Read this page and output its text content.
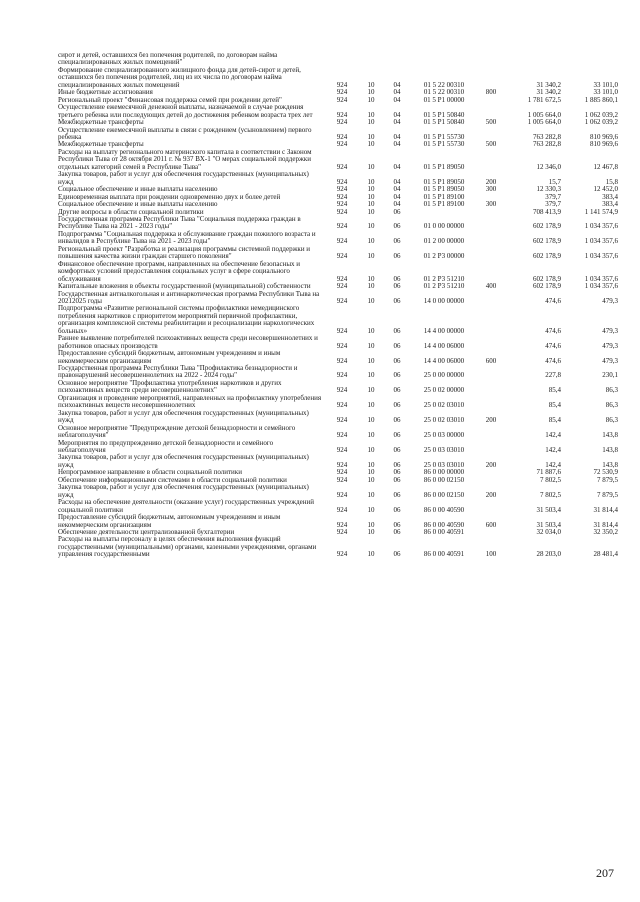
сирот и детей, оставшихся без попечения родителей, по договорам найма специализированных жилых помещений"							
Формирование специализированного жилищного фонда для детей-сирот и детей, оставшихся без попечения родителей, лиц из их числа по договорам найма специализированных жилых помещений	924	10	04	01 5 22 00310		31 340,2	33 101,0
Иные бюджетные ассигнования	924	10	04	01 5 22 00310	800	31 340,2	33 101,0
Региональный проект "Финансовая поддержка семей при рождении детей"	924	10	04	01 5 Р1 00000		1 781 672,5	1 885 860,1
Осуществление ежемесячной денежной выплаты, назначаемой в случае рождения третьего ребенка или последующих детей до достижения ребенком возраста трех лет	924	10	04	01 5 Р1 50840		1 005 664,0	1 062 039,2
Межбюджетные трансферты	924	10	04	01 5 Р1 50840	500	1 005 664,0	1 062 039,2
Осуществление ежемесячной выплаты в связи с рождением (усыновлением) первого ребенка	924	10	04	01 5 Р1 55730		763 282,8	810 969,6
Межбюджетные трансферты	924	10	04	01 5 Р1 55730	500	763 282,8	810 969,6
Расходы на выплату регионального материнского капитала в соответствии с Законом Республики Тыва от 28 октября 2011 г. № 937 ВХ-1 "О мерах социальной поддержки отдельных категорий семей в Республике Тыва"	924	10	04	01 5 Р1 89050		12 346,0	12 467,8
Закупка товаров, работ и услуг для обеспечения государственных (муниципальных) нужд	924	10	04	01 5 Р1 89050	200	15,7	15,8
Социальное обеспечение и иные выплаты населению	924	10	04	01 5 Р1 89050	300	12 330,3	12 452,0
Единовременная выплата при рождении одновременно двух и более детей	924	10	04	01 5 Р1 89100		379,7	383,4
Социальное обеспечение и иные выплаты населению	924	10	04	01 5 Р1 89100	300	379,7	383,4
Другие вопросы в области социальной политики	924	10	06			708 413,9	1 141 574,9
Государственная программа Республики Тыва "Социальная поддержка граждан в Республике Тыва на 2021 - 2023 годы"	924	10	06	01 0 00 00000		602 178,9	1 034 357,6
Подпрограмма "Социальная поддержка и обслуживание граждан пожилого возраста и инвалидов в Республике Тыва на 2021 - 2023 годы"	924	10	06	01 2 00 00000		602 178,9	1 034 357,6
Региональный проект "Разработка и реализация программы системной поддержки и повышения качества жизни граждан старшего поколения"	924	10	06	01 2 Р3 00000		602 178,9	1 034 357,6
Финансовое обеспечение программ, направленных на обеспечение безопасных и комфортных условий предоставления социальных услуг в сфере социального обслуживания	924	10	06	01 2 Р3 51210		602 178,9	1 034 357,6
Капитальные вложения в объекты государственной (муниципальной) собственности	924	10	06	01 2 Р3 51210	400	602 178,9	1 034 357,6
Государственная антиалкогольная и антинаркотическая программа Республики Тыва на 20212025 годы	924	10	06	14 0 00 00000		474,6	479,3
Подпрограмма «Развитие региональной системы профилактики немедицинского потребления наркотиков с приоритетом мероприятий первичной профилактики, организация комплексной системы реабилитации и ресоциализации наркологических больных»	924	10	06	14 4 00 00000		474,6	479,3
Раннее выявление потребителей психоактивных веществ среди несовершеннолетних и работников опасных производств	924	10	06	14 4 00 06000		474,6	479,3
Предоставление субсидий бюджетным, автономным учреждениям и иным некоммерческим организациям	924	10	06	14 4 00 06000	600	474,6	479,3
Государственная программа Республики Тыва "Профилактика безнадзорности и правонарушений несовершеннолетних на 2022 - 2024 годы"	924	10	06	25 0 00 00000		227,8	230,1
Основное мероприятие "Профилактика употребления наркотиков и других психоактивных веществ среди несовершеннолетних"	924	10	06	25 0 02 00000		85,4	86,3
Организация и проведение мероприятий, направленных на профилактику употребления психоактивных веществ несовершеннолетних	924	10	06	25 0 02 03010		85,4	86,3
Закупка товаров, работ и услуг для обеспечения государственных (муниципальных) нужд	924	10	06	25 0 02 03010	200	85,4	86,3
Основное мероприятие "Предупреждение детской безнадзорности и семейного неблагополучия"	924	10	06	25 0 03 00000		142,4	143,8
Мероприятия по предупреждению детской безнадзорности и семейного неблагополучия	924	10	06	25 0 03 03010		142,4	143,8
Закупка товаров, работ и услуг для обеспечения государственных (муниципальных) нужд	924	10	06	25 0 03 03010	200	142,4	143,8
Непрограммное направление в области социальной политики	924	10	06	86 0 00 00000		71 887,6	72 530,9
Обеспечение информационными системами в области социальной политики	924	10	06	86 0 00 02150		7 802,5	7 879,5
Закупка товаров, работ и услуг для обеспечения государственных (муниципальных) нужд	924	10	06	86 0 00 02150	200	7 802,5	7 879,5
Расходы на обеспечение деятельности (оказание услуг) государственных учреждений социальной политики	924	10	06	86 0 00 40590		31 503,4	31 814,4
Предоставление субсидий бюджетным, автономным учреждениям и иным некоммерческим организациям	924	10	06	86 0 00 40590	600	31 503,4	31 814,4
Обеспечение деятельности централизованной бухгалтерии	924	10	06	86 0 00 40591		32 034,0	32 350,2
Расходы на выплаты персоналу в целях обеспечения выполнения функций государственными (муниципальными) органами, казенными учреждениями, органами управления государственными	924	10	06	86 0 00 40591	100	28 203,0	28 481,4
207
